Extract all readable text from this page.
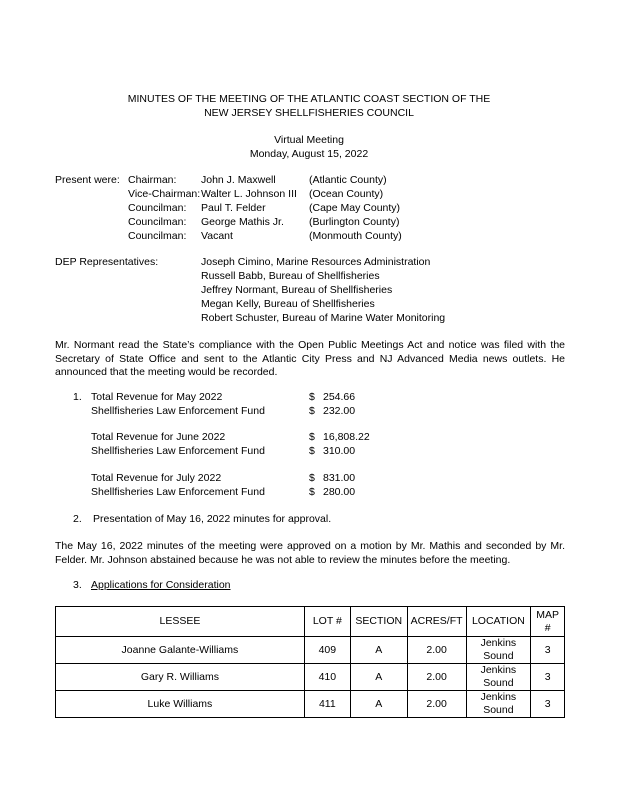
MINUTES OF THE MEETING OF THE ATLANTIC COAST SECTION OF THE
NEW JERSEY SHELLFISHERIES COUNCIL
Virtual Meeting
Monday, August 15, 2022
Present were: Chairman: John J. Maxwell	(Atlantic County)
Vice-Chairman: Walter L. Johnson III (Ocean County)
Councilman: Paul T. Felder	(Cape May County)
Councilman: George Mathis Jr. (Burlington County)
Councilman: Vacant	(Monmouth County)
DEP Representatives:	Joseph Cimino, Marine Resources Administration
Russell Babb, Bureau of Shellfisheries
Jeffrey Normant, Bureau of Shellfisheries
Megan Kelly, Bureau of Shellfisheries
Robert Schuster, Bureau of Marine Water Monitoring
Mr. Normant read the State’s compliance with the Open Public Meetings Act and notice was filed with the Secretary of State Office and sent to the Atlantic City Press and NJ Advanced Media news outlets. He announced that the meeting would be recorded.
1. Total Revenue for May 2022	$ 254.66
Shellfisheries Law Enforcement Fund	$ 232.00
Total Revenue for June 2022	$ 16,808.22
Shellfisheries Law Enforcement Fund	$ 310.00
Total Revenue for July 2022	$ 831.00
Shellfisheries Law Enforcement Fund	$ 280.00
2. Presentation of May 16, 2022 minutes for approval.
The May 16, 2022 minutes of the meeting were approved on a motion by Mr. Mathis and seconded by Mr. Felder. Mr. Johnson abstained because he was not able to review the minutes before the meeting.
3. Applications for Consideration
LESSEE	LOT #	SECTION	ACRES/FT	LOCATION	MAP #

Joanne Galante-Williams	409	A	2.00	Jenkins Sound	3
Gary R. Williams	410	A	2.00	Jenkins Sound	3
Luke Williams	411	A	2.00	Jenkins Sound	3
